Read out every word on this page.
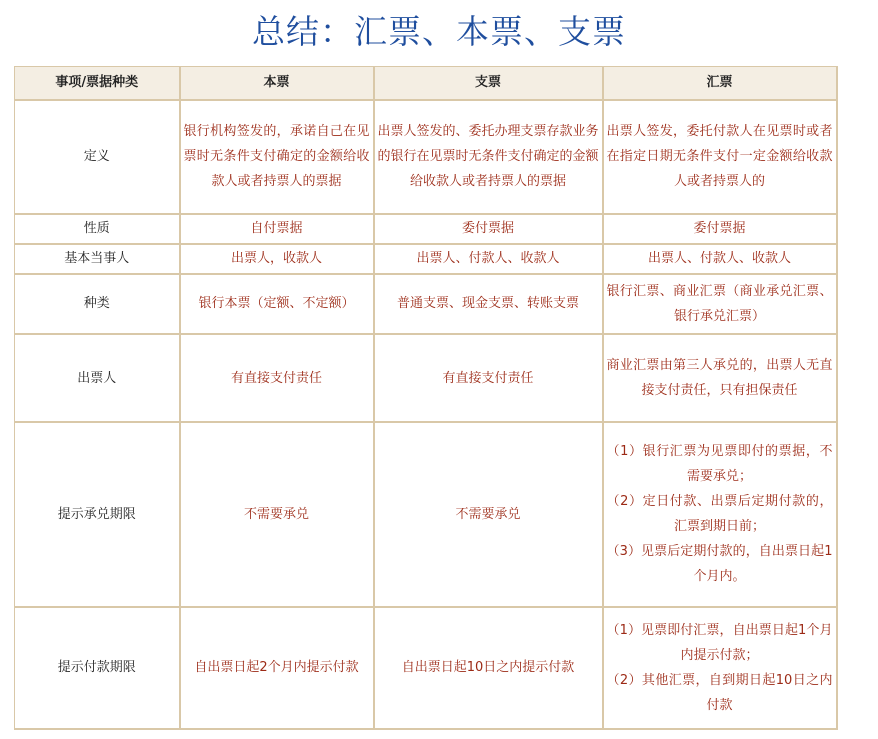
总结：汇票、本票、支票
事项/票据种类	本票	支票	汇票
定义	银行机构签发的，承诺自己在见票时无条件支付确定的金额给收款人或者持票人的票据	出票人签发的、委托办理支票存款业务的银行在见票时无条件支付确定的金额给收款人或者持票人的票据	出票人签发，委托付款人在见票时或者在指定日期无条件支付一定金额给收款人或者持票人的
性质	自付票据	委付票据	委付票据
基本当事人	出票人，收款人	出票人、付款人、收款人	出票人、付款人、收款人
种类	银行本票（定额、不定额）	普通支票、现金支票、转账支票	银行汇票、商业汇票（商业承兑汇票、银行承兑汇票）
出票人	有直接支付责任	有直接支付责任	商业汇票由第三人承兑的，出票人无直接支付责任，只有担保责任
提示承兑期限	不需要承兑	不需要承兑	（1）银行汇票为见票即付的票据，不需要承兑；
（2）定日付款、出票后定期付款的，汇票到期日前；
（3）见票后定期付款的，自出票日起1个月内。

提示付款期限	自出票日起2个月内提示付款	自出票日起10日之内提示付款	（1）见票即付汇票，自出票日起1个月内提示付款；
（2）其他汇票，自到期日起10日之内付款
